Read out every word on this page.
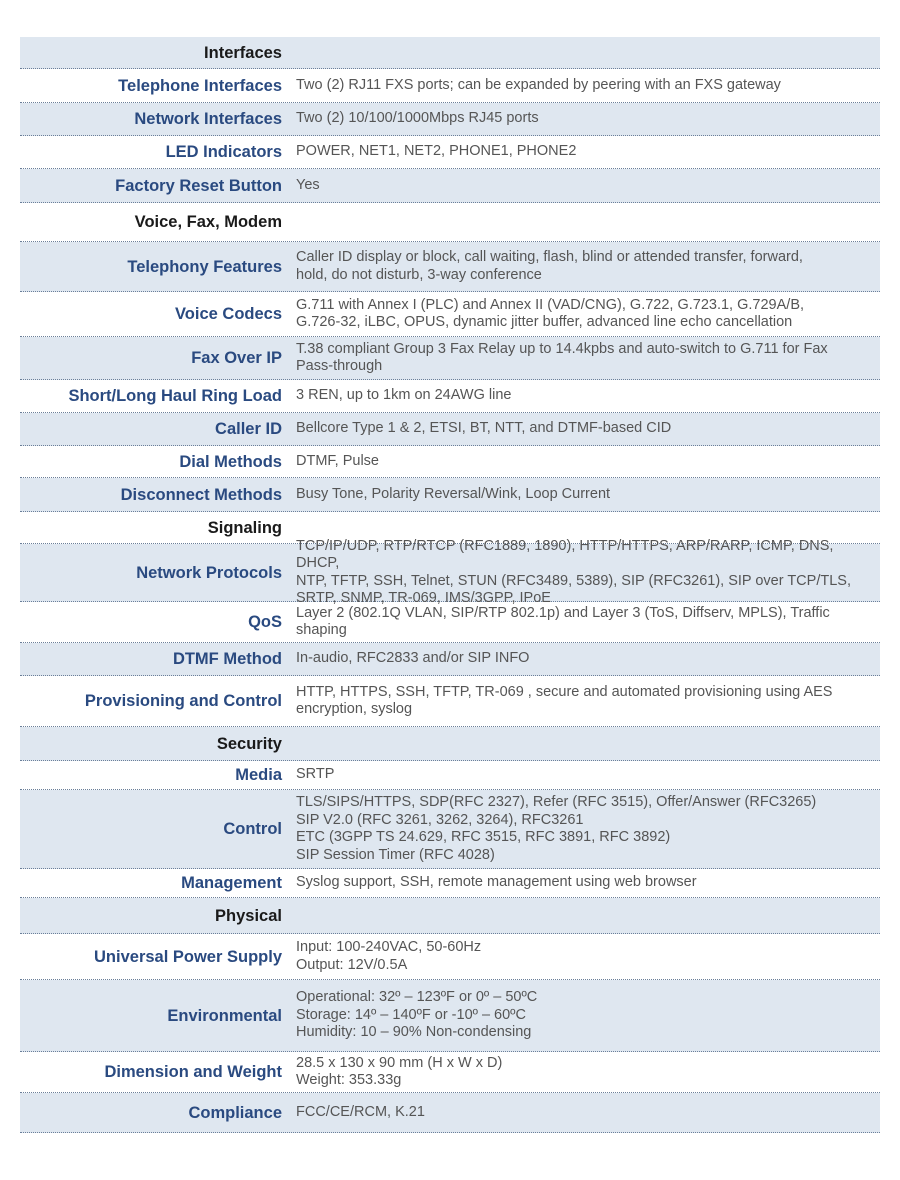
Interfaces
Telephone Interfaces Two (2) RJ11 FXS ports; can be expanded by peering with an FXS gateway
Network Interfaces Two (2) 10/100/1000Mbps RJ45 ports
LED Indicators POWER, NET1, NET2, PHONE1, PHONE2
Factory Reset Button Yes
Voice, Fax, Modem
Telephony Features
Caller ID display or block, call waiting, flash, blind or attended transfer, forward,
hold, do not disturb, 3-way conference
Voice Codecs
G.711 with Annex I (PLC) and Annex II (VAD/CNG), G.722, G.723.1, G.729A/B,
G.726-32, iLBC, OPUS, dynamic jitter buffer, advanced line echo cancellation
Fax Over IP
T.38 compliant Group 3 Fax Relay up to 14.4kpbs and auto-switch to G.711 for Fax
Pass-through
Short/Long Haul Ring Load 3 REN, up to 1km on 24AWG line
Caller ID Bellcore Type 1 & 2, ETSI, BT, NTT, and DTMF-based CID
Dial Methods DTMF, Pulse
Disconnect Methods Busy Tone, Polarity Reversal/Wink, Loop Current
Signaling
Network Protocols
TCP/IP/UDP, RTP/RTCP (RFC1889, 1890), HTTP/HTTPS, ARP/RARP, ICMP, DNS, DHCP,
NTP, TFTP, SSH, Telnet, STUN (RFC3489, 5389), SIP (RFC3261), SIP over TCP/TLS,
SRTP, SNMP, TR-069, IMS/3GPP, IPoE
QoS
Layer 2 (802.1Q VLAN, SIP/RTP 802.1p) and Layer 3 (ToS, Diffserv, MPLS), Traffic
shaping
DTMF Method In-audio, RFC2833 and/or SIP INFO
Provisioning and Control
HTTP, HTTPS, SSH, TFTP, TR-069 , secure and automated provisioning using AES
encryption, syslog
Security
Media SRTP
Control
TLS/SIPS/HTTPS, SDP(RFC 2327), Refer (RFC 3515), Offer/Answer (RFC3265)
SIP V2.0 (RFC 3261, 3262, 3264), RFC3261
ETC (3GPP TS 24.629, RFC 3515, RFC 3891, RFC 3892)
SIP Session Timer (RFC 4028)
Management Syslog support, SSH, remote management using web browser
Physical
Universal Power Supply
Input: 100-240VAC, 50-60Hz
Output: 12V/0.5A
Environmental
Operational: 32º – 123ºF or 0º – 50ºC
Storage: 14º – 140ºF or -10º – 60ºC
Humidity: 10 – 90% Non-condensing
Dimension and Weight
28.5 x 130 x 90 mm (H x W x D)
Weight: 353.33g
Compliance FCC/CE/RCM, K.21
